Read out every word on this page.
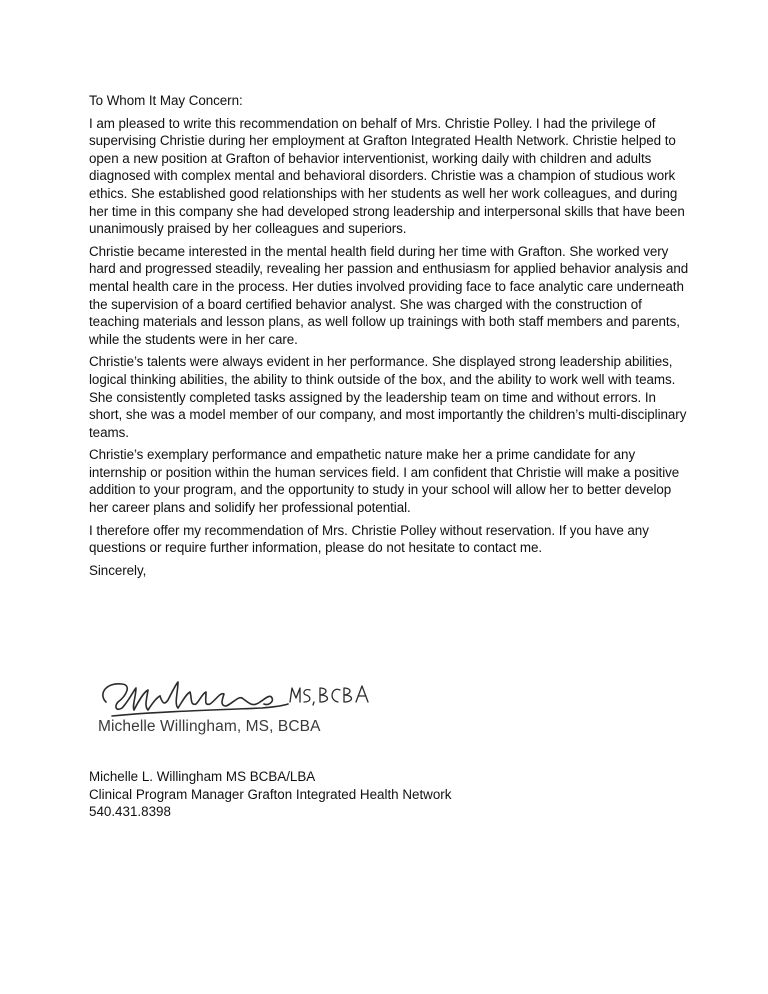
To Whom It May Concern:

I am pleased to write this recommendation on behalf of Mrs. Christie Polley. I had the privilege of supervising Christie during her employment at Grafton Integrated Health Network. Christie helped to open a new position at Grafton of behavior interventionist, working daily with children and adults diagnosed with complex mental and behavioral disorders. Christie was a champion of studious work ethics. She established good relationships with her students as well her work colleagues, and during her time in this company she had developed strong leadership and interpersonal skills that have been unanimously praised by her colleagues and superiors.

Christie became interested in the mental health field during her time with Grafton. She worked very hard and progressed steadily, revealing her passion and enthusiasm for applied behavior analysis and mental health care in the process. Her duties involved providing face to face analytic care underneath the supervision of a board certified behavior analyst. She was charged with the construction of teaching materials and lesson plans, as well follow up trainings with both staff members and parents, while the students were in her care.

Christie’s talents were always evident in her performance. She displayed strong leadership abilities, logical thinking abilities, the ability to think outside of the box, and the ability to work well with teams. She consistently completed tasks assigned by the leadership team on time and without errors. In short, she was a model member of our company, and most importantly the children’s multi-disciplinary teams.

Christie’s exemplary performance and empathetic nature make her a prime candidate for any internship or position within the human services field. I am confident that Christie will make a positive addition to your program, and the opportunity to study in your school will allow her to better develop her career plans and solidify her professional potential.

I therefore offer my recommendation of Mrs. Christie Polley without reservation. If you have any questions or require further information, please do not hesitate to contact me.

Sincerely,

Michelle Willingham, MS, BCBA
Michelle L. Willingham MS BCBA/LBA
Clinical Program Manager Grafton Integrated Health Network
540.431.8398
